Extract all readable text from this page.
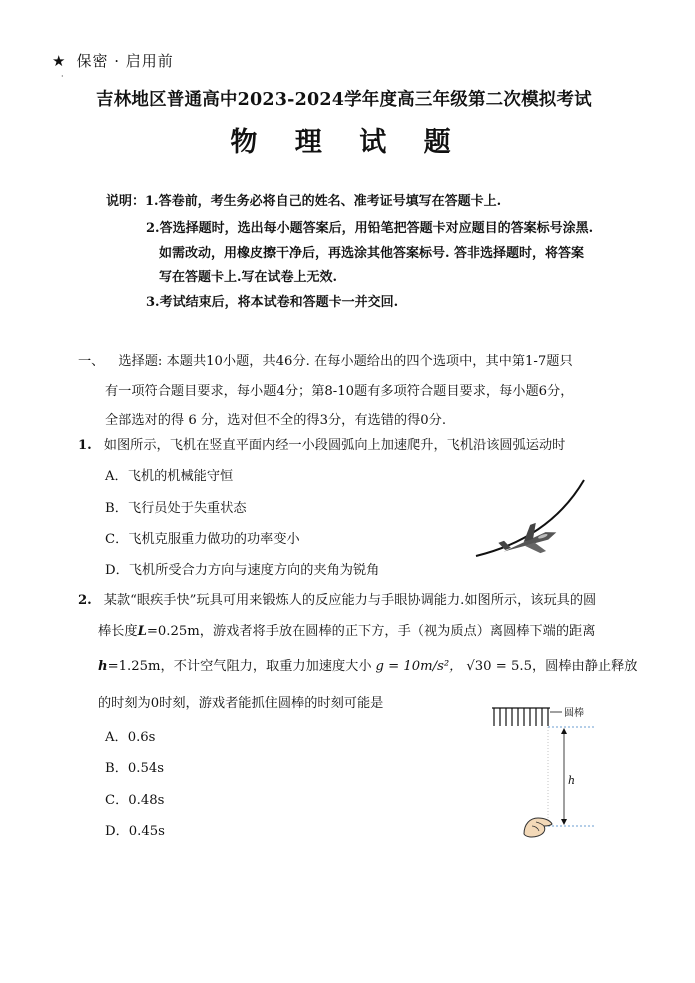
★ 保密 · 启用前
·
吉林地区普通高中2023-2024学年度高三年级第二次模拟考试
物 理 试 题
说明：1.答卷前，考生务必将自己的姓名、准考证号填写在答题卡上.
2.答选择题时，选出每小题答案后，用铅笔把答题卡对应题目的答案标号涂黑.
如需改动，用橡皮擦干净后，再选涂其他答案标号. 答非选择题时，将答案
写在答题卡上.写在试卷上无效.
3.考试结束后，将本试卷和答题卡一并交回.
一、 选择题: 本题共10小题，共46分. 在每小题给出的四个选项中，其中第1-7题只
有一项符合题目要求，每小题4分；第8-10题有多项符合题目要求，每小题6分，
全部选对的得 6 分，选对但不全的得3分，有选错的得0分.
1. 如图所示，飞机在竖直平面内经一小段圆弧向上加速爬升，飞机沿该圆弧运动时
A．飞机的机械能守恒
B．飞行员处于失重状态
C．飞机克服重力做功的功率变小
D．飞机所受合力方向与速度方向的夹角为锐角
2. 某款“眼疾手快”玩具可用来锻炼人的反应能力与手眼协调能力.如图所示，该玩具的圆
棒长度L=0.25m，游戏者将手放在圆棒的正下方，手（视为质点）离圆棒下端的距离
h=1.25m，不计空气阻力，取重力加速度大小 g = 10m/s²， √30 = 5.5，圆棒由静止释放
的时刻为0时刻，游戏者能抓住圆棒的时刻可能是
A．0.6s
B．0.54s
C．0.48s
D．0.45s
圆棒
h
